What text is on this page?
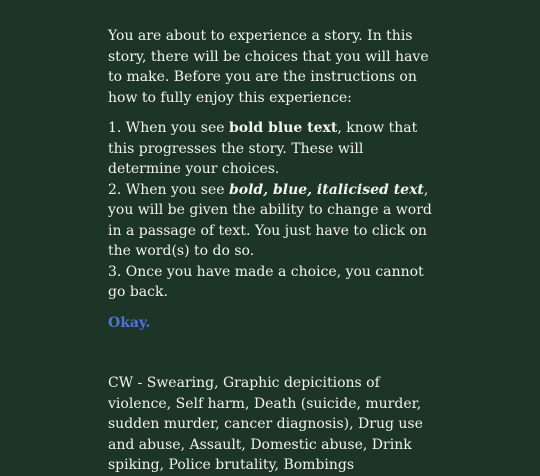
You are about to experience a story. In this story, there will be choices that you will have to make. Before you are the instructions on how to fully enjoy this experience:

1. When you see bold blue text, know that this progresses the story. These will determine your choices.
2. When you see bold, blue, italicised text, you will be given the ability to change a word in a passage of text. You just have to click on the word(s) to do so.
3. Once you have made a choice, you cannot go back.

Okay.

CW - Swearing, Graphic depicitions of violence, Self harm, Death (suicide, murder, sudden murder, cancer diagnosis), Drug use and abuse, Assault, Domestic abuse, Drink spiking, Police brutality, Bombings
